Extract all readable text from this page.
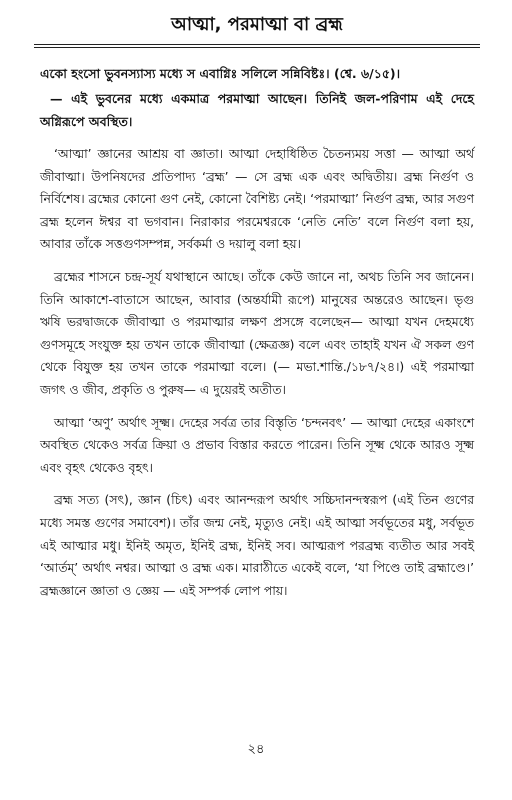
আত্মা, পরমাত্মা বা ব্রহ্ম
একো হংসো ভুবনস্যাস্য মধ্যে স এবাগ্নিঃ সলিলে সন্নিবিষ্টঃ। (শ্বে. ৬/১৫)।
— এই ভুবনের মধ্যে একমাত্র পরমাত্মা আছেন। তিনিই জল-পরিণাম এই দেহে অগ্নিরূপে অবস্থিত।
‘আত্মা’ জ্ঞানের আশ্রয় বা জ্ঞাতা। আত্মা দেহাধিষ্ঠিত চৈতন্যময় সত্তা — আত্মা অর্থ জীবাত্মা। উপনিষদের প্রতিপাদ্য ‘ব্রহ্ম’ — সে ব্রহ্ম এক এবং অদ্বিতীয়। ব্রহ্ম নির্গুণ ও নির্বিশেষ। ব্রহ্মের কোনো গুণ নেই, কোনো বৈশিষ্ট্য নেই। ‘পরমাত্মা’ নির্গুণ ব্রহ্ম, আর সগুণ ব্রহ্ম হলেন ঈশ্বর বা ভগবান। নিরাকার পরমেশ্বরকে ‘নেতি নেতি’ বলে নির্গুণ বলা হয়, আবার তাঁকে সত্তগুণসম্পন্ন, সর্বকর্মা ও দয়ালু বলা হয়।
ব্রহ্মের শাসনে চন্দ্র-সূর্য যথাস্থানে আছে। তাঁকে কেউ জানে না, অথচ তিনি সব জানেন। তিনি আকাশে-বাতাসে আছেন, আবার (অন্তর্যামী রূপে) মানুষের অন্তরেও আছেন। ভৃগু ঋষি ভরদ্বাজকে জীবাত্মা ও পরমাত্মার লক্ষণ প্রসঙ্গে বলেছেন— আত্মা যখন দেহমধ্যে গুণসমূহে সংযুক্ত হয় তখন তাকে জীবাত্মা (ক্ষেত্রজ্ঞ) বলে এবং তাহাই যখন ঐ সকল গুণ থেকে বিযুক্ত হয় তখন তাকে পরমাত্মা বলে। (— মভা.শান্তি./১৮৭/২৪।) এই পরমাত্মা জগৎ ও জীব, প্রকৃতি ও পুরুষ— এ দুয়েরই অতীত।
আত্মা ‘অণু’ অর্থাৎ সূক্ষ্ম। দেহের সর্বত্র তার বিস্তৃতি ‘চন্দনবৎ’ — আত্মা দেহের একাংশে অবস্থিত থেকেও সর্বত্র ক্রিয়া ও প্রভাব বিস্তার করতে পারেন। তিনি সূক্ষ্ম থেকে আরও সূক্ষ্ম এবং বৃহৎ থেকেও বৃহৎ।
ব্রহ্ম সত্য (সৎ), জ্ঞান (চিৎ) এবং আনন্দরূপ অর্থাৎ সচ্চিদানন্দস্বরূপ (এই তিন গুণের মধ্যে সমস্ত গুণের সমাবেশ)। তাঁর জন্ম নেই, মৃত্যুও নেই। এই আত্মা সর্বভূতের মধু, সর্বভূত এই আত্মার মধু। ইনিই অমৃত, ইনিই ব্রহ্ম, ইনিই সব। আত্মরূপ পরব্রহ্ম ব্যতীত আর সবই ‘আর্তম্’ অর্থাৎ নশ্বর। আত্মা ও ব্রহ্ম এক। মারাঠীতে একেই বলে, ‘যা পিণ্ডে তাই ব্রহ্মাণ্ডে।’ ব্রহ্মজ্ঞানে জ্ঞাতা ও জ্ঞেয় — এই সম্পর্ক লোপ পায়।
২৪
